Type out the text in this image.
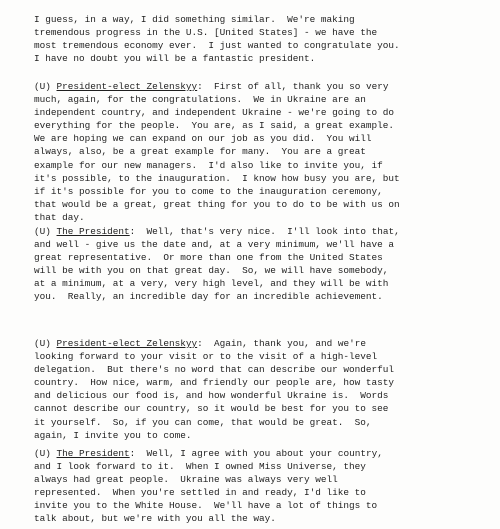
I guess, in a way, I did something similar.  We're making
tremendous progress in the U.S. [United States] - we have the
most tremendous economy ever.  I just wanted to congratulate you.
I have no doubt you will be a fantastic president.

(U) President-elect Zelenskyy:  First of all, thank you so very
much, again, for the congratulations.  We in Ukraine are an
independent country, and independent Ukraine - we're going to do
everything for the people.  You are, as I said, a great example.
We are hoping we can expand on our job as you did.  You will
always, also, be a great example for many.  You are a great
example for our new managers.  I'd also like to invite you, if
it's possible, to the inauguration.  I know how busy you are, but
if it's possible for you to come to the inauguration ceremony,
that would be a great, great thing for you to do to be with us on
that day.

(U) The President:  Well, that's very nice.  I'll look into that,
and well - give us the date and, at a very minimum, we'll have a
great representative.  Or more than one from the United States
will be with you on that great day.  So, we will have somebody,
at a minimum, at a very, very high level, and they will be with
you.  Really, an incredible day for an incredible achievement.

(U) President-elect Zelenskyy:  Again, thank you, and we're
looking forward to your visit or to the visit of a high-level
delegation.  But there's no word that can describe our wonderful
country.  How nice, warm, and friendly our people are, how tasty
and delicious our food is, and how wonderful Ukraine is.  Words
cannot describe our country, so it would be best for you to see
it yourself.  So, if you can come, that would be great.  So,
again, I invite you to come.

(U) The President:  Well, I agree with you about your country,
and I look forward to it.  When I owned Miss Universe, they
always had great people.  Ukraine was always very well
represented.  When you're settled in and ready, I'd like to
invite you to the White House.  We'll have a lot of things to
talk about, but we're with you all the way.
